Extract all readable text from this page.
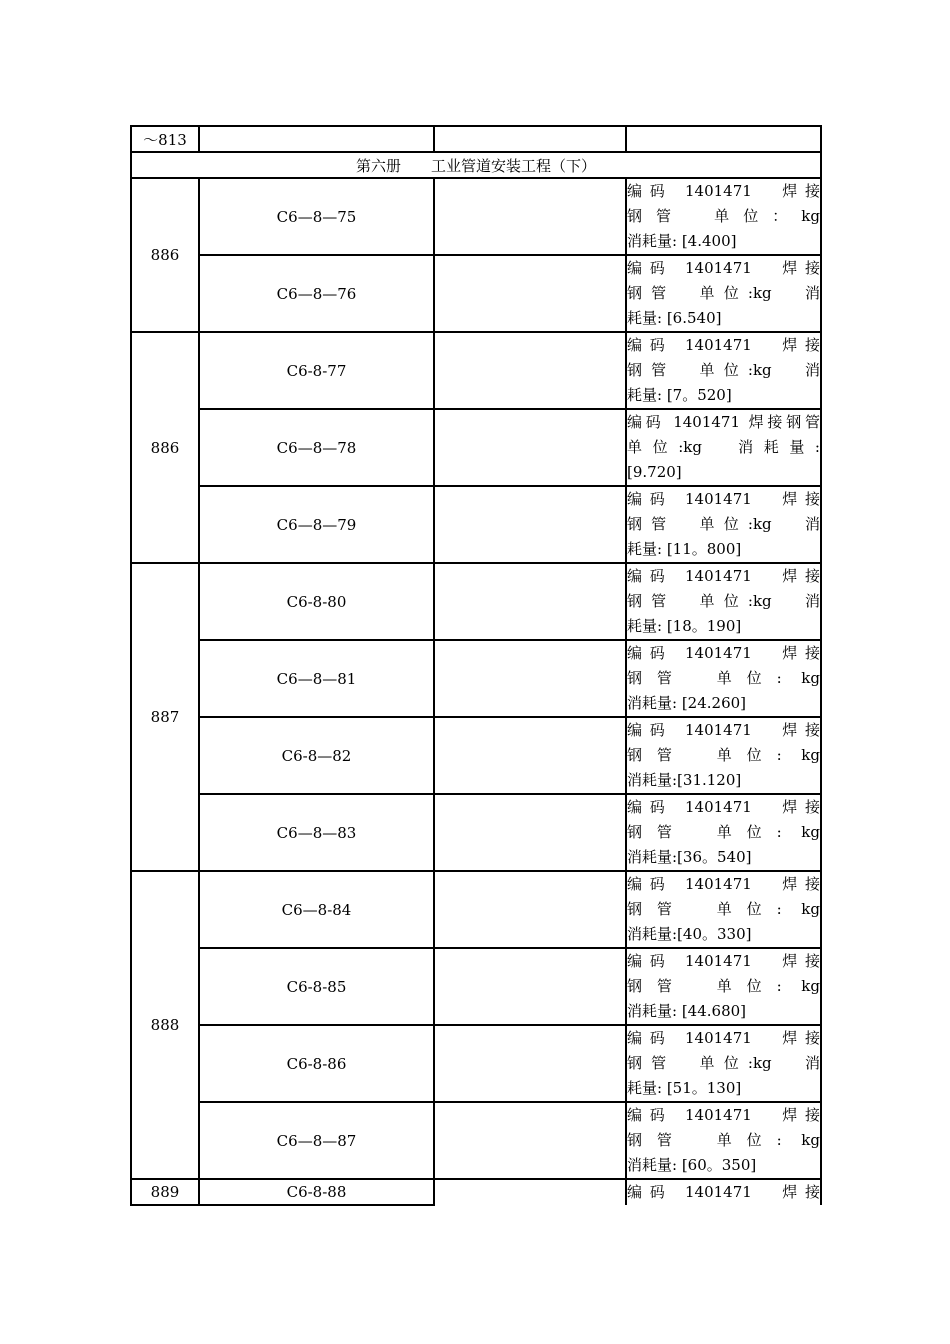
～813			
第六册　　工业管道安装工程（下）			
886	C6—8—75		编码 1401471　焊接
钢管　单位：kg
消耗量: [4.400]

	C6—8—76		编码 1401471　焊接
钢管　单位:kg　消
耗量: [6.540]

886	C6-8-77		编码 1401471　焊接
钢管　单位:kg　消
耗量: [7。520]

	C6—8—78		编码 1401471 焊接钢管
单位:kg　消耗量:
[9.720]

	C6—8—79		编码 1401471　焊接
钢管　单位:kg　消
耗量: [11。800]

887	C6-8-80		编码 1401471　焊接
钢管　单位:kg　消
耗量: [18。190]

	C6—8—81		编码 1401471　焊接
钢管　单位: kg
消耗量: [24.260]

	C6-8—82		编码 1401471　焊接
钢管　单位: kg
消耗量:[31.120]

	C6—8—83		编码 1401471　焊接
钢管　单位: kg
消耗量:[36。540]

888	C6—8-84		编码 1401471　焊接
钢管　单位: kg
消耗量:[40。330]

	C6-8-85		编码 1401471　焊接
钢管　单位: kg
消耗量: [44.680]

	C6-8-86		编码 1401471　焊接
钢管　单位:kg　消
耗量: [51。130]

	C6—8—87		编码 1401471　焊接
钢管　单位: kg
消耗量: [60。350]

889	C6-8-88		编码 1401471　焊接
